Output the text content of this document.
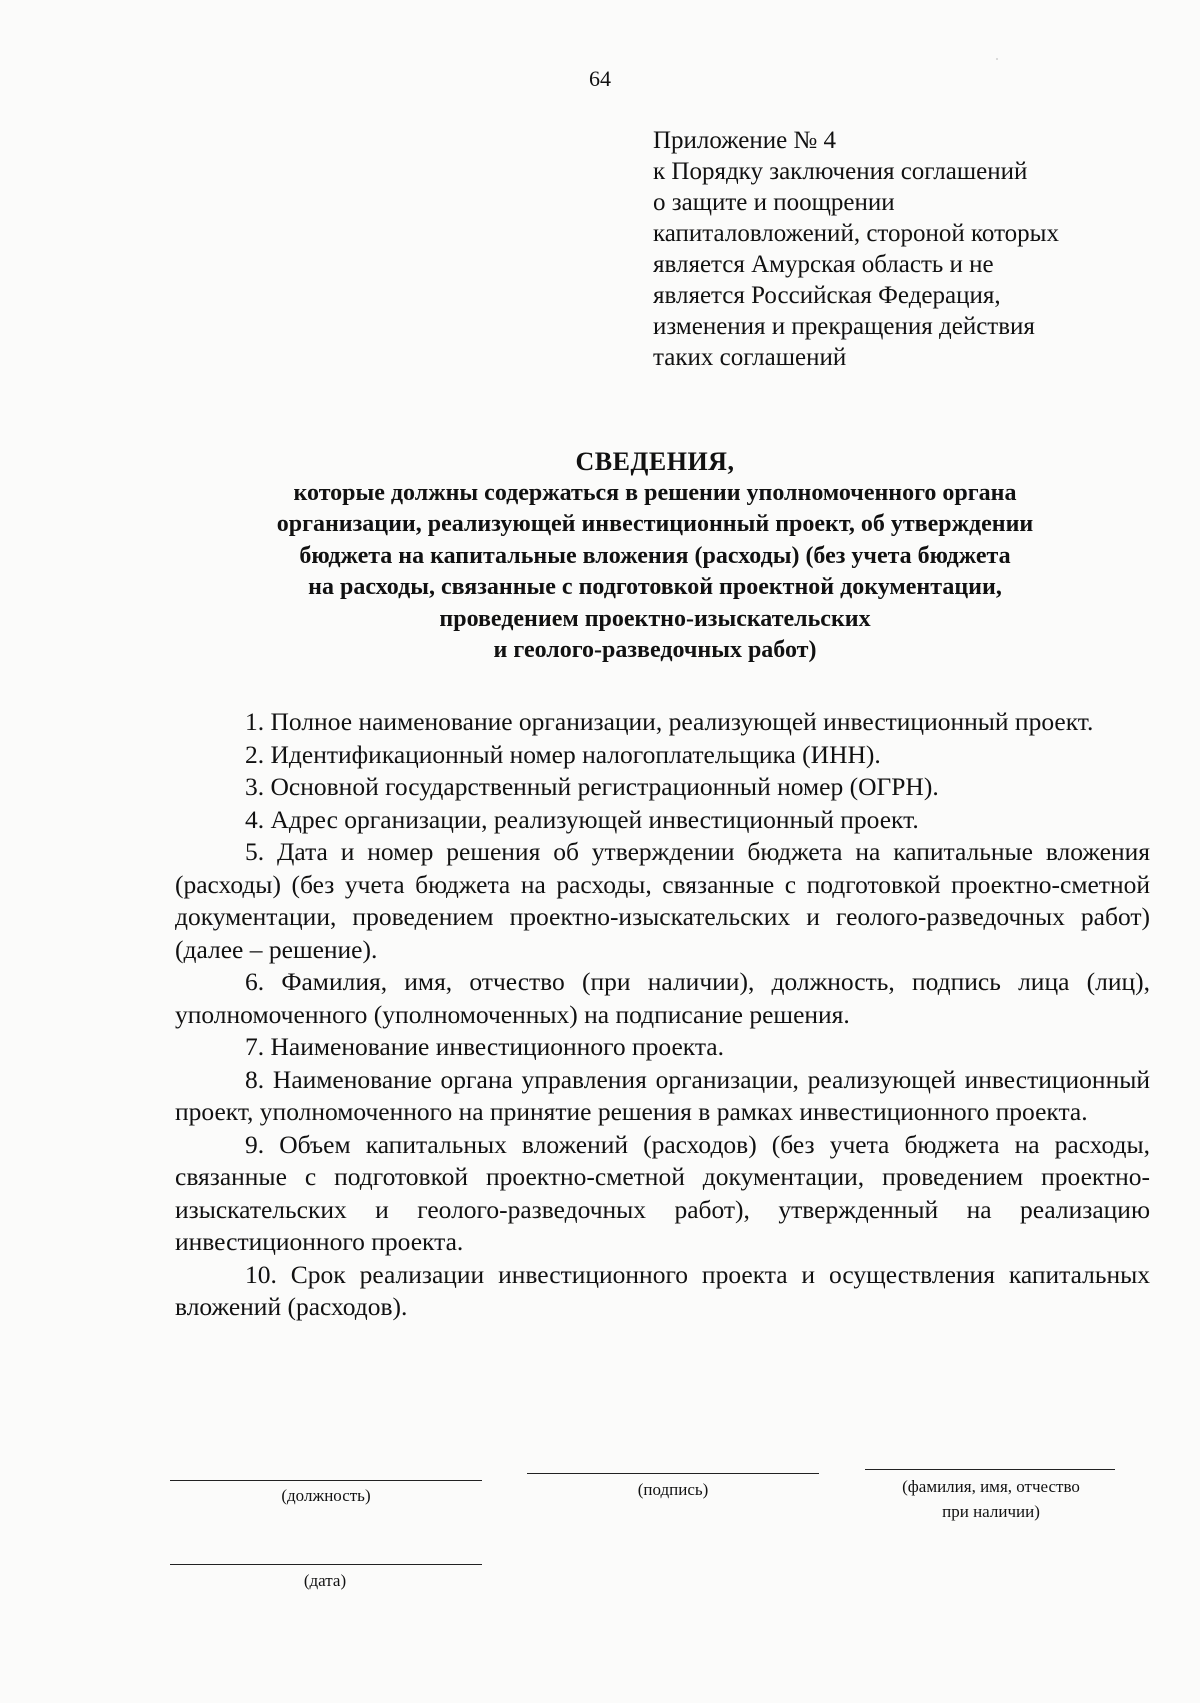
64
Приложение № 4
к Порядку заключения соглашений
о защите и поощрении
капиталовложений, стороной которых
является Амурская область и не
является Российская Федерация,
изменения и прекращения действия
таких соглашений
СВЕДЕНИЯ,
которые должны содержаться в решении уполномоченного органа
организации, реализующей инвестиционный проект, об утверждении
бюджета на капитальные вложения (расходы) (без учета бюджета
на расходы, связанные с подготовкой проектной документации,
проведением проектно-изыскательских
и геолого-разведочных работ)
1. Полное наименование организации, реализующей инвестиционный проект.
2. Идентификационный номер налогоплательщика (ИНН).
3. Основной государственный регистрационный номер (ОГРН).
4. Адрес организации, реализующей инвестиционный проект.
5. Дата и номер решения об утверждении бюджета на капитальные вложения (расходы) (без учета бюджета на расходы, связанные с подготовкой проектно-сметной документации, проведением проектно-изыскательских и геолого-разведочных работ) (далее – решение).
6. Фамилия, имя, отчество (при наличии), должность, подпись лица (лиц), уполномоченного (уполномоченных) на подписание решения.
7. Наименование инвестиционного проекта.
8. Наименование органа управления организации, реализующей инвестиционный проект, уполномоченного на принятие решения в рамках инвестиционного проекта.
9. Объем капитальных вложений (расходов) (без учета бюджета на расходы, связанные с подготовкой проектно-сметной документации, проведением проектно-изыскательских и геолого-разведочных работ), утвержденный на реализацию инвестиционного проекта.
10. Срок реализации инвестиционного проекта и осуществления капитальных вложений (расходов).
(должность)	(подпись)	(фамилия, имя, отчество
при наличии)
(дата)
